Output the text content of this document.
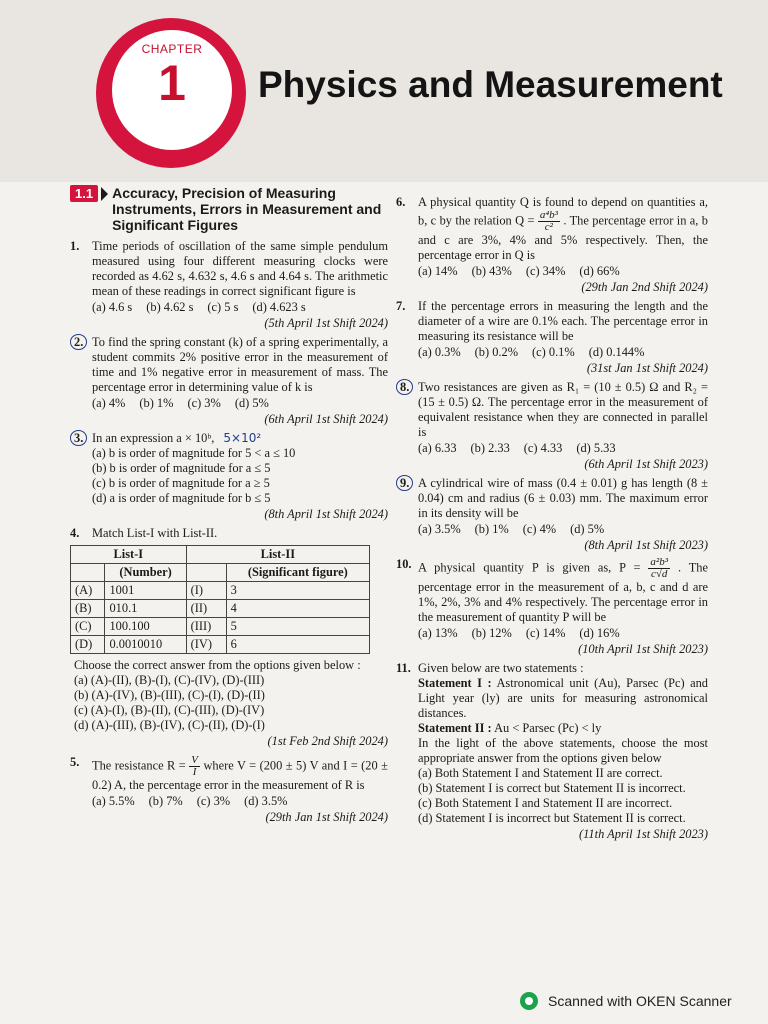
CHAPTER
1	Physics and Measurement
1.1	Accuracy, Precision of Measuring Instruments, Errors in Measurement and Significant Figures
1.	Time periods of oscillation of the same simple pendulum measured using four different measuring clocks were recorded as 4.62 s, 4.632 s, 4.6 s and 4.64 s. The arithmetic mean of these readings in correct significant figure is
(a) 4.6 s (b) 4.62 s (c) 5 s (d) 4.623 s
(5th April 1st Shift 2024)
2. To find the spring constant (k) of a spring experimentally, a student commits 2% positive error in the measurement of time and 1% negative error in measurement of mass. The percentage error in determining value of k is
(a) 4% (b) 1% (c) 3% (d) 5%
(6th April 1st Shift 2024)
3. In an expression a × 10ᵇ, 5×10²
(a) b is order of magnitude for 5 < a ≤ 10
(b) b is order of magnitude for a ≤ 5
(c) b is order of magnitude for a ≥ 5
(d) a is order of magnitude for b ≤ 5
(8th April 1st Shift 2024)
4.	Match List-I with List-II.
List-I		List-II	
	(Number)		(Significant figure)
(A)	1001	(I)	3
(B)	010.1	(II)	4
(C)	100.100	(III)	5
(D)	0.0010010	(IV)	6
Choose the correct answer from the options given below :
(a) (A)-(II), (B)-(I), (C)-(IV), (D)-(III)
(b) (A)-(IV), (B)-(III), (C)-(I), (D)-(II)
(c) (A)-(I), (B)-(II), (C)-(III), (D)-(IV)
(d) (A)-(III), (B)-(IV), (C)-(II), (D)-(I)
(1st Feb 2nd Shift 2024)
5.	The resistance $R = \frac{V}{I}$ where V = (200 ± 5) V and I = (20 ± 0.2) A, the percentage error in the measurement of R is
(a) 5.5% (b) 7% (c) 3% (d) 3.5%
(29th Jan 1st Shift 2024)
6.	A physical quantity Q is found to depend on quantities a, b, c by the relation $Q = \frac{\text{a⁴b³}}{\text{c²}}$ . The percentage error in a, b and c are 3%, 4% and 5% respectively. Then, the percentage error in Q is
(a) 14% (b) 43% (c) 34% (d) 66%
(29th Jan 2nd Shift 2024)
7.	If the percentage errors in measuring the length and the diameter of a wire are 0.1% each. The percentage error in measuring its resistance will be
(a) 0.3% (b) 0.2% (c) 0.1% (d) 0.144%
(31st Jan 1st Shift 2024)
8. Two resistances are given as R₁ = (10 ± 0.5) Ω and R₂ = (15 ± 0.5) Ω. The percentage error in the measurement of equivalent resistance when they are connected in parallel is
(a) 6.33 (b) 2.33 (c) 4.33 (d) 5.33
(6th April 1st Shift 2023)
9. A cylindrical wire of mass (0.4 ± 0.01) g has length (8 ± 0.04) cm and radius (6 ± 0.03) mm. The maximum error in its density will be
(a) 3.5% (b) 1% (c) 4% (d) 5%
(8th April 1st Shift 2023)
10. A physical quantity P is given as, $P = \frac{\text{a²b³}}{c√d}$ . The percentage error in the measurement of a, b, c and d are 1%, 2%, 3% and 4% respectively. The percentage error in the measurement of quantity P will be
(a) 13% (b) 12% (c) 14% (d) 16%
(10th April 1st Shift 2023)
11. Given below are two statements :
Statement I : Astronomical unit (Au), Parsec (Pc) and Light year (ly) are units for measuring astronomical distances.
Statement II : Au < Parsec (Pc) < ly
In the light of the above statements, choose the most appropriate answer from the options given below
(a) Both Statement I and Statement II are correct.
(b) Statement I is correct but Statement II is incorrect.
(c) Both Statement I and Statement II are incorrect.
(d) Statement I is incorrect but Statement II is correct.
(11th April 1st Shift 2023)
Scanned with OKEN Scanner
